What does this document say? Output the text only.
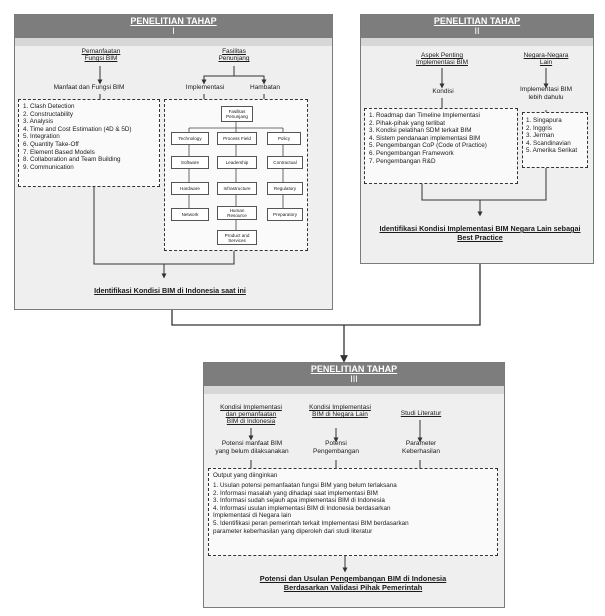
PENELITIAN TAHAP
I
Pemanfaatan
Fungsi BIM
Fasilitas
Penunjang
Manfaat dan Fungsi BIM	Implementasi	Hambatan
1. Clash Detection
2. Constructability
3. Analysis
4. Time and Cost Estimation (4D & 5D)
5. Integration
6. Quantity Take-Off
7. Element Based Models
8. Collaboration and Team Building
9. Communication
Fasilitas
Penunjang
Technology	Process Field	Policy
Software	Leadership	Contractual
Hardware	Infrastructure	Regulatory
Network
Human
Resource	Preparatory
Product and
Services
Identifikasi Kondisi BIM di Indonesia saat ini
PENELITIAN TAHAP
II
Aspek Penting
Implementasi BIM
Negara-Negara
Lain
Kondisi	Implementasi BIM
lebih dahulu
1. Roadmap dan Timeline Implementasi
2. Pihak-pihak yang terlibat
3. Kondisi pelatihan SDM terkait BIM
4. Sistem pendanaan implementasi BIM
5. Pengembangan CoP (Code of Practice)
6. Pengembangan Framework
7. Pengembangan R&D
1. Singapura
2. Inggris
3. Jerman
4. Scandinavian
5. Amerika Serikat
Identifikasi Kondisi Implementasi BIM Negara Lain sebagai Best Practice
PENELITIAN TAHAP
III
Kondisi Implementasi
dan pemanfaatan
BIM di Indonesia
Kondisi Implementasi
BIM di Negara Lain	Studi Literatur
Potensi manfaat BIM
yang belum dilaksanakan
Potensi
Pengembangan
Parameter
Keberhasilan
Output yang diinginkan
1. Usulan potensi pemanfaatan fungsi BIM yang belum terlaksana
2. Informasi masalah yang dihadapi saat implementasi BIM
3. Informasi sudah sejauh apa implementasi BIM di Indonesia
4. Informasi usulan implementasi BIM di Indonesia berdasarkan
Implementasi di Negara lain
5. Identifikasi peran pemerintah terkait Implementasi BIM berdasarkan
parameter keberhasilan yang diperoleh dari studi literatur
Potensi dan Usulan Pengembangan BIM di Indonesia
Berdasarkan Validasi Pihak Pemerintah
